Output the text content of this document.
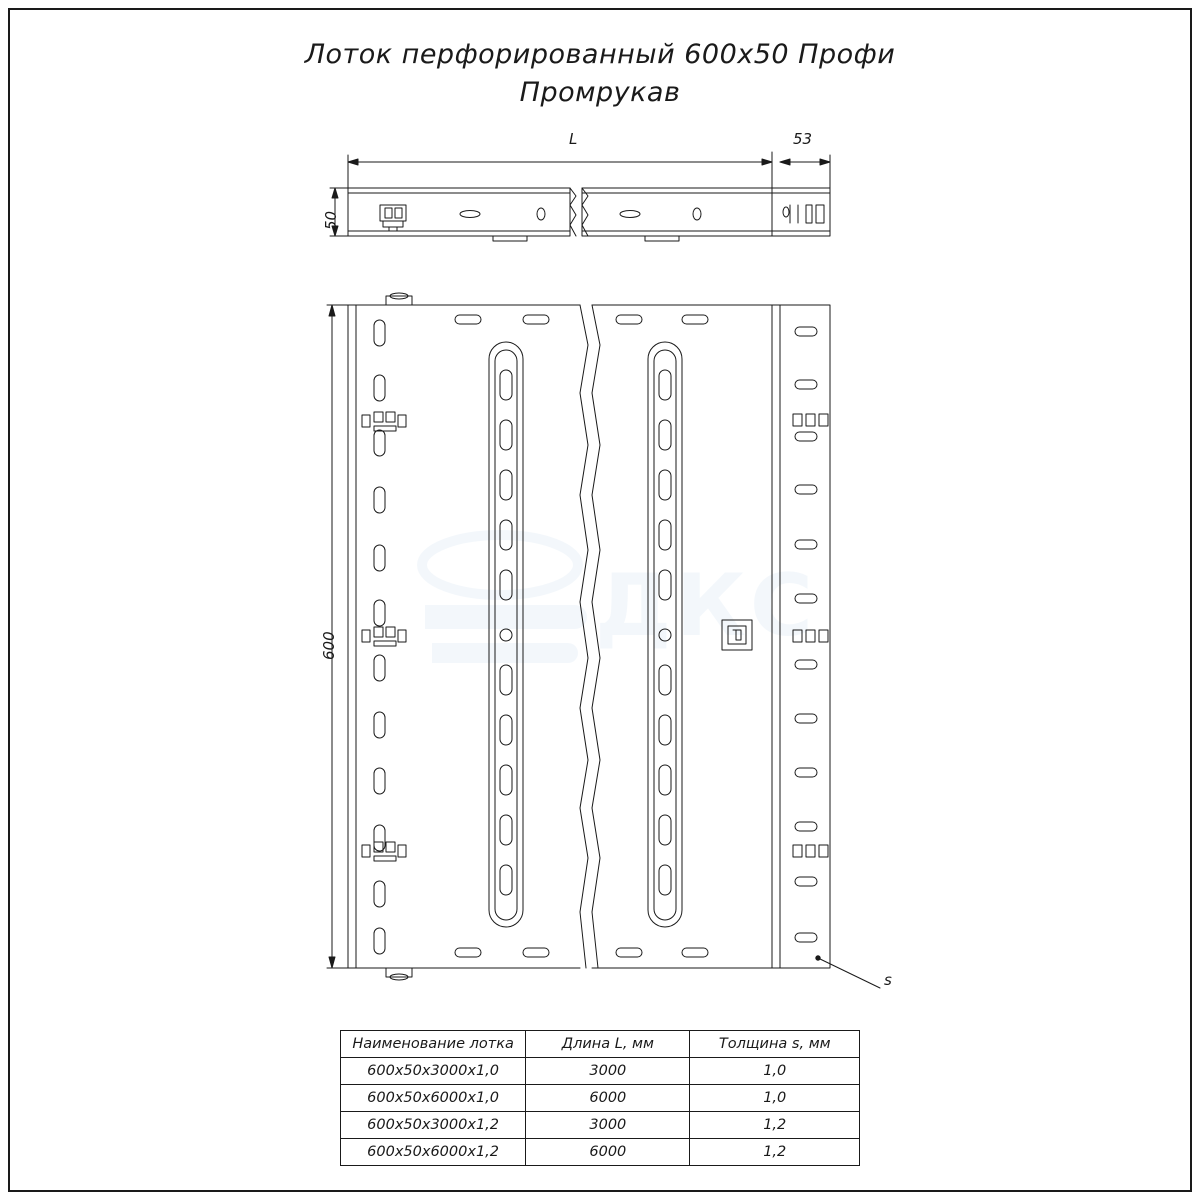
Лоток перфорированный 600х50 Профи
Промрукав
ДКС
L	53
50
600
s
Наименование лотка	Длина L, мм	Толщина s, мм
600х50х3000х1,0	3000	1,0
600х50х6000х1,0	6000	1,0
600х50х3000х1,2	3000	1,2
600х50х6000х1,2	6000	1,2
